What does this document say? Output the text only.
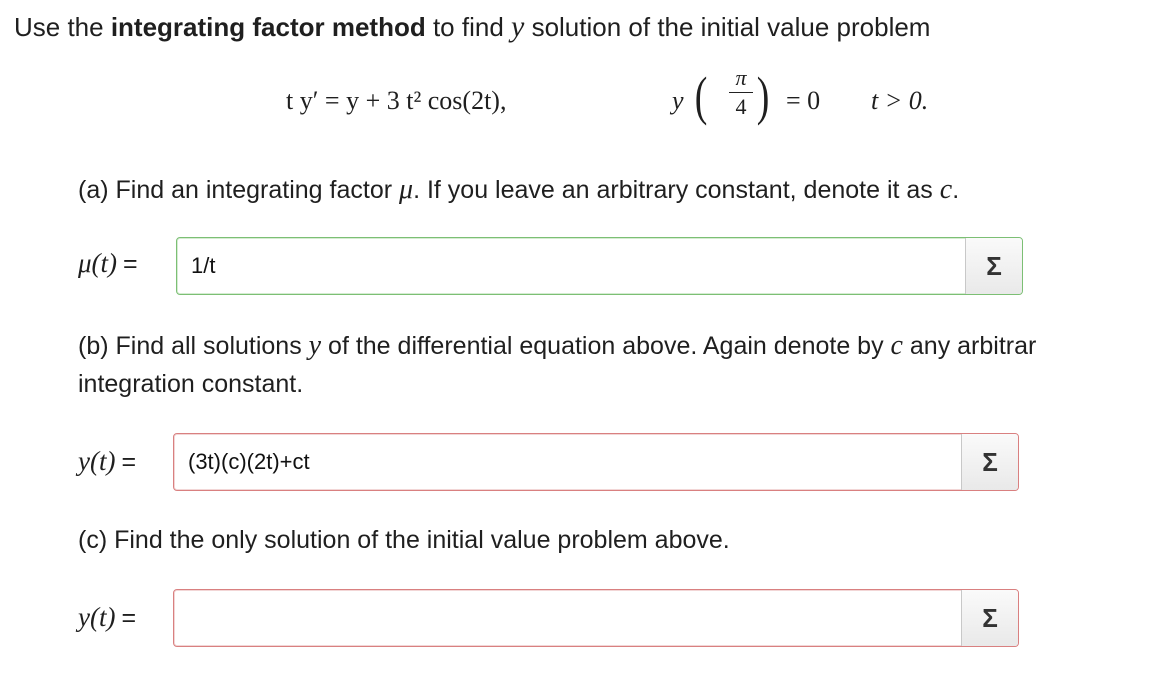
Use the integrating factor method to find y solution of the initial value problem
t y′ = y + 3 t² cos(2t),	y ( π
4 ) = 0 t > 0.
(a) Find an integrating factor μ. If you leave an arbitrary constant, denote it as c.
μ(t) =	1/t	Σ
(b) Find all solutions y of the differential equation above. Again denote by c any arbitrar
integration constant.
y(t) =	(3t)(c)(2t)+ct	Σ
(c) Find the only solution of the initial value problem above.
y(t) =	Σ
